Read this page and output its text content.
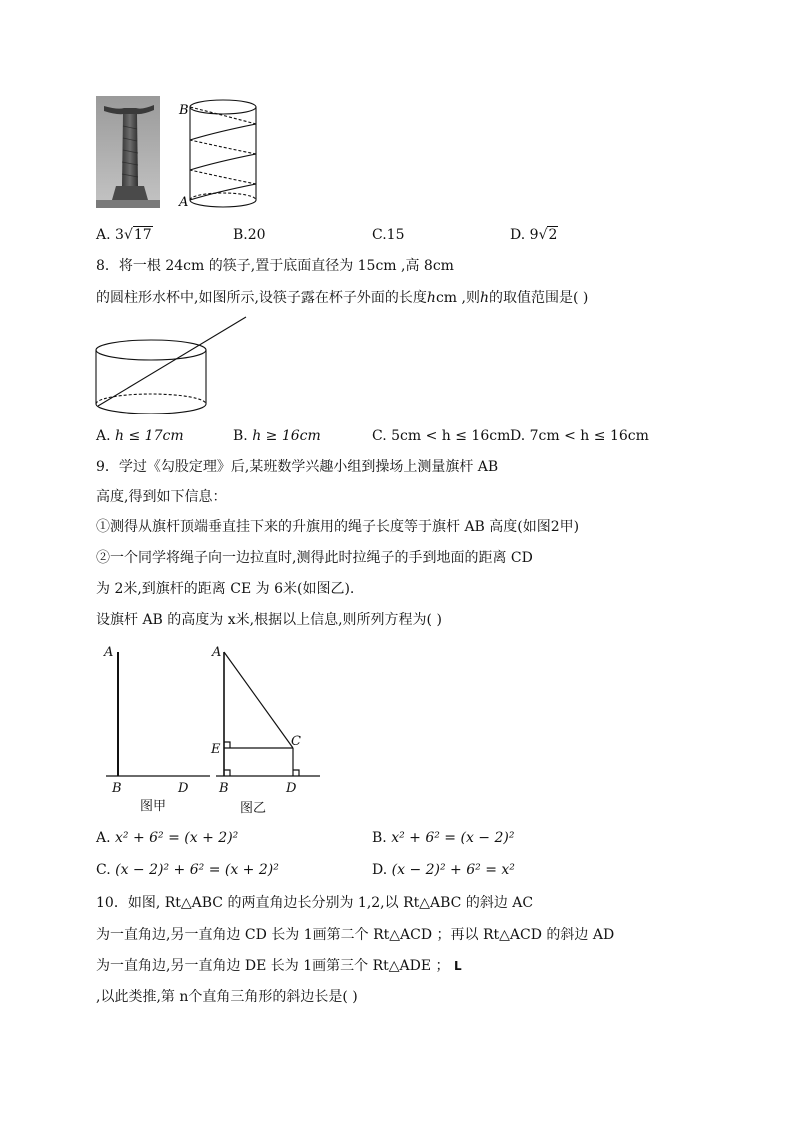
B
A
A. 3√17	B.20	C.15	D. 9√2
8．将一根 24cm 的筷子,置于底面直径为 15cm ,高 8cm
的圆柱形水杯中,如图所示,设筷子露在杯子外面的长度hcm ,则h的取值范围是( )
A. h ≤ 17cm	B. h ≥ 16cm	C. 5cm < h ≤ 16cm D. 7cm < h ≤ 16cm
9．学过《勾股定理》后,某班数学兴趣小组到操场上测量旗杆 AB
高度,得到如下信息：
①测得从旗杆顶端垂直挂下来的升旗用的绳子长度等于旗杆 AB 高度(如图2甲)
②一个同学将绳子向一边拉直时,测得此时拉绳子的手到地面的距离 CD
为 2米,到旗杆的距离 CE 为 6米(如图乙).
设旗杆 AB 的高度为 x米,根据以上信息,则所列方程为( )
A
B	D
A
E
C
B	D
图甲	图乙
A. x² + 6² = (x + 2)²	B. x² + 6² = (x − 2)²
C. (x − 2)² + 6² = (x + 2)²	D. (x − 2)² + 6² = x²
10．如图, Rt△ABC 的两直角边长分别为 1,2,以 Rt△ABC 的斜边 AC
为一直角边,另一直角边 CD 长为 1画第二个 Rt△ACD ；再以 Rt△ACD 的斜边 AD
为一直角边,另一直角边 DE 长为 1画第三个 Rt△ADE ； L
,以此类推,第 n个直角三角形的斜边长是( )
